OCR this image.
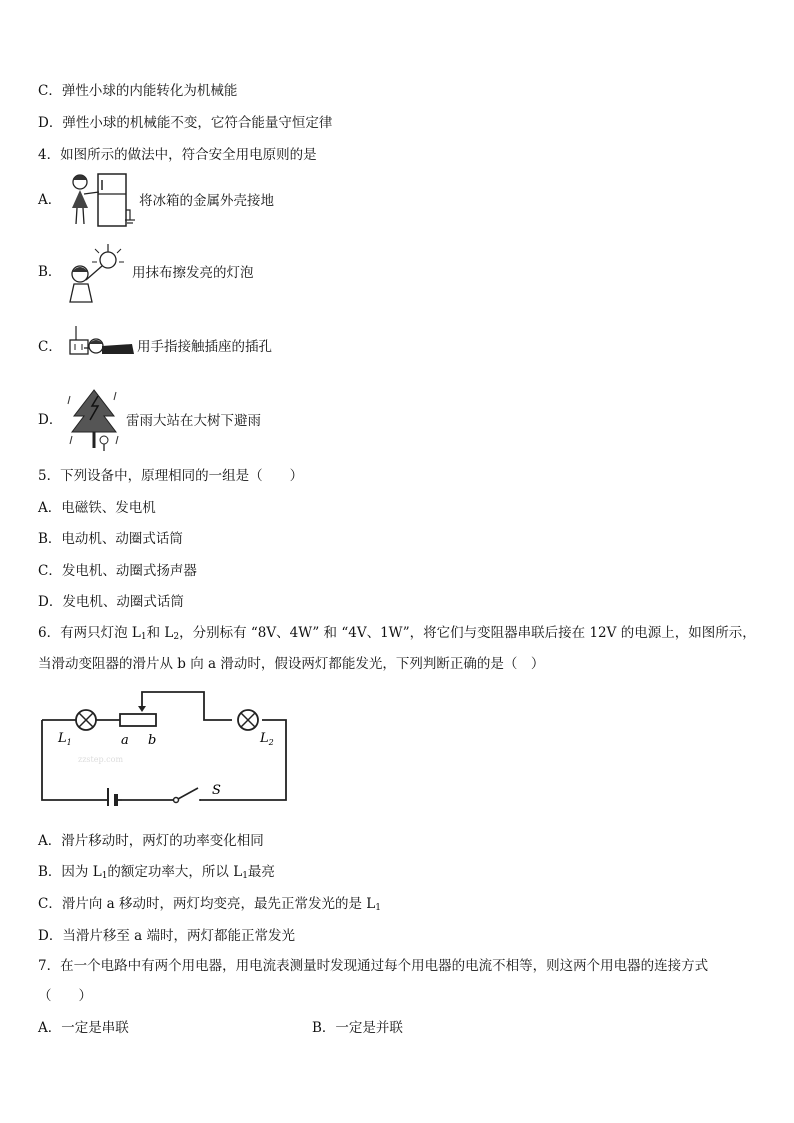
C．弹性小球的内能转化为机械能
D．弹性小球的机械能不变，它符合能量守恒定律
4．如图所示的做法中，符合安全用电原则的是
A．	将冰箱的金属外壳接地
B．	用抹布擦发亮的灯泡
C．	用手指接触插座的插孔
D．	雷雨大站在大树下避雨
5．下列设备中，原理相同的一组是（　　）
A．电磁铁、发电机
B．电动机、动圈式话筒
C．发电机、动圈式扬声器
D．发电机、动圈式话筒
6．有两只灯泡 $L_1$和 $L_2$，分别标有 “8V、4W” 和 “4V、1W”，将它们与变阻器串联后接在 12V 的电源上，如图所示，
当滑动变阻器的滑片从 b 向 a 滑动时，假设两灯都能发光，下列判断正确的是（　）
S
$L_1$	a b	$L_2$
zzstep.com
A．滑片移动时，两灯的功率变化相同
B．因为 $L_1$的额定功率大，所以 $L_1$最亮
C．滑片向 a 移动时，两灯均变亮，最先正常发光的是 $L_1$
D．当滑片移至 a 端时，两灯都能正常发光
7．在一个电路中有两个用电器，用电流表测量时发现通过每个用电器的电流不相等，则这两个用电器的连接方式
（　　）
A．一定是串联	B．一定是并联
